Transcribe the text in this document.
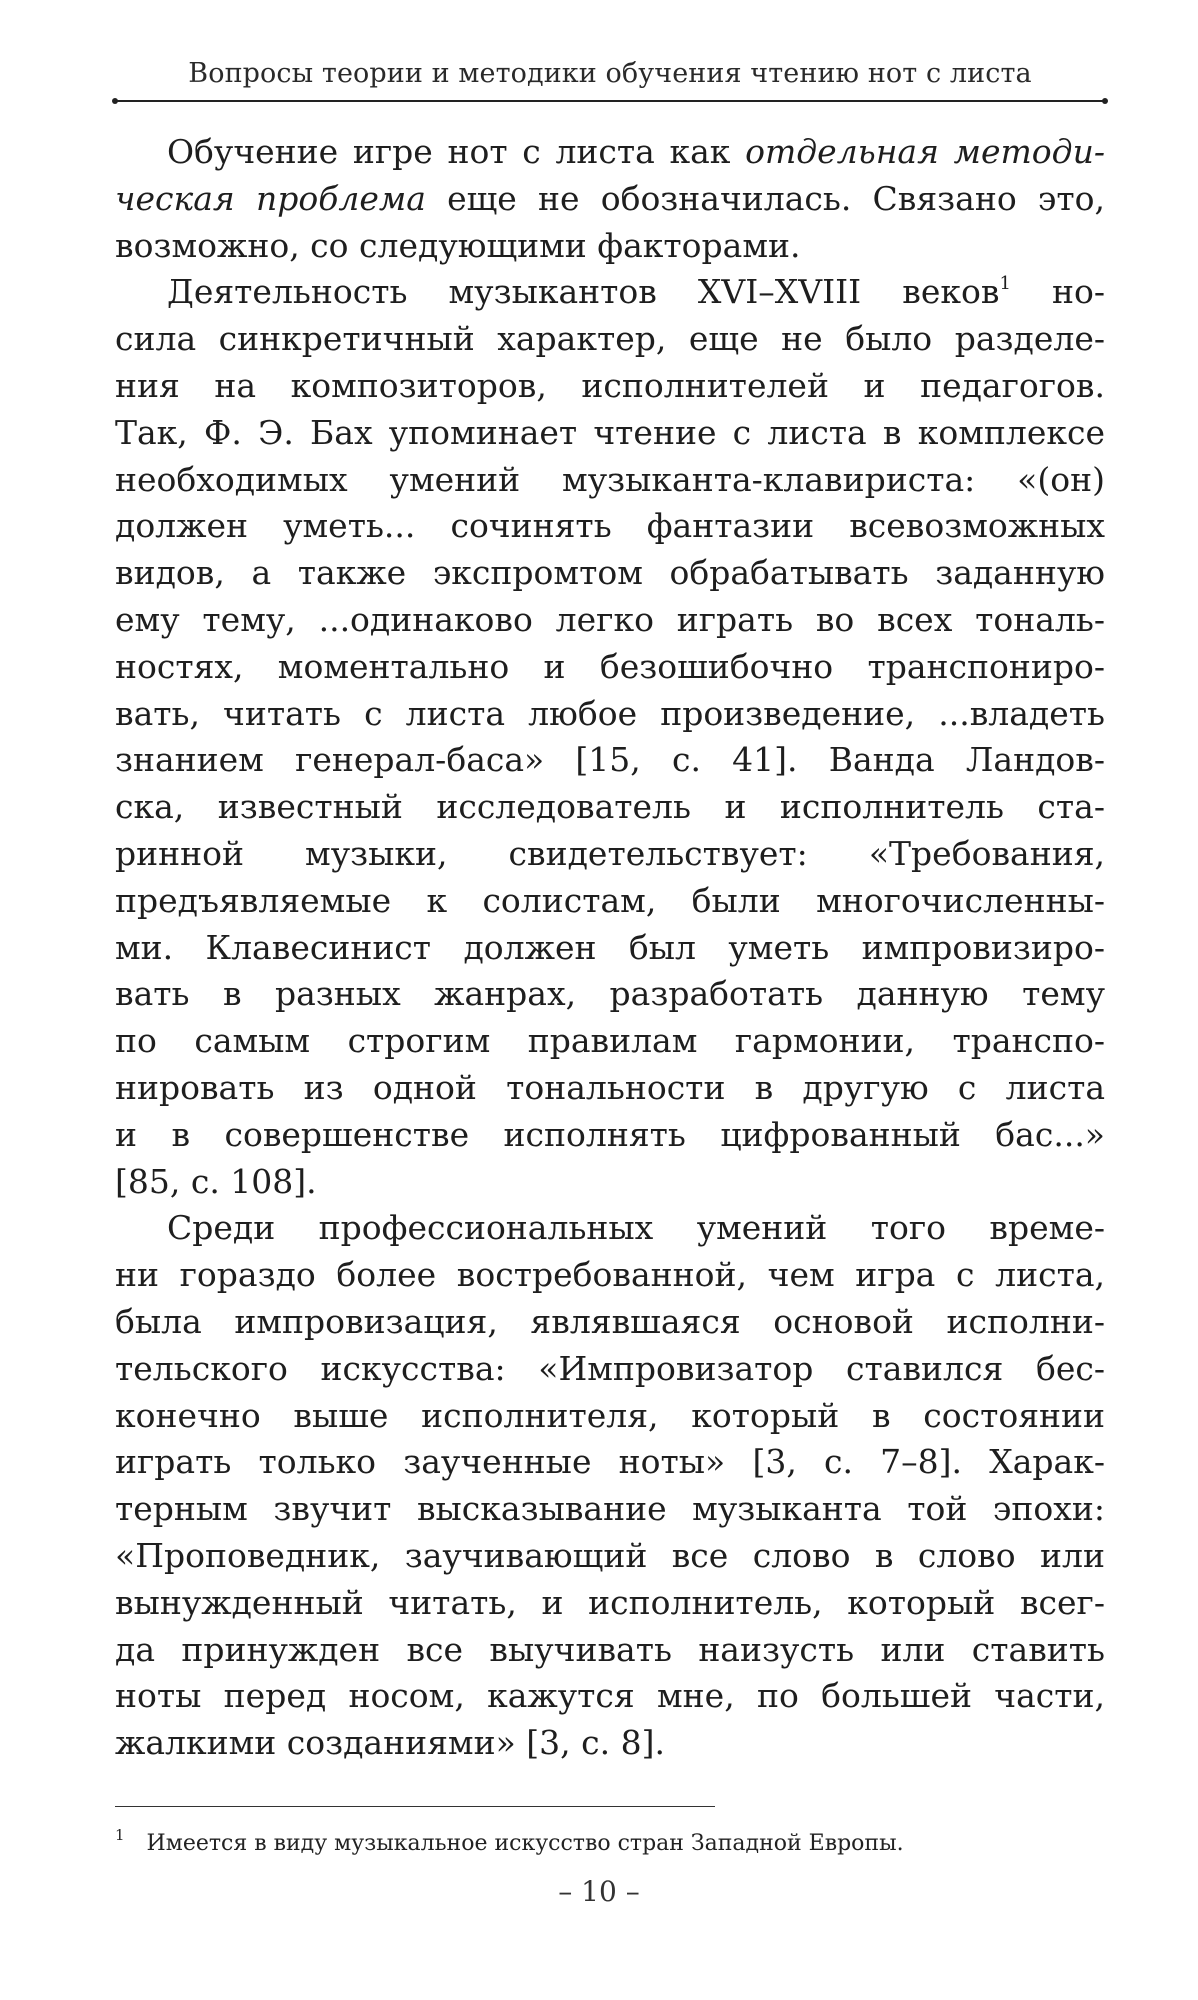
Вопросы теории и методики обучения чтению нот с листа
Обучение игре нот с листа как отдельная методи-
ческая проблема еще не обозначилась. Связано это,
возможно, со следующими факторами.
Деятельность музыкантов XVI–XVIII веков$^1$ но-
сила синкретичный характер, еще не было разделе-
ния на композиторов, исполнителей и педагогов.
Так, Ф. Э. Бах упоминает чтение с листа в комплексе
необходимых умений музыканта-клавириста: «(он)
должен уметь... сочинять фантазии всевозможных
видов, а также экспромтом обрабатывать заданную
ему тему, ...одинаково легко играть во всех тональ-
ностях, моментально и безошибочно транспониро-
вать, читать с листа любое произведение, ...владеть
знанием генерал-баса» [15, с. 41]. Ванда Ландов-
ска, известный исследователь и исполнитель ста-
ринной музыки, свидетельствует: «Требования,
предъявляемые к солистам, были многочисленны-
ми. Клавесинист должен был уметь импровизиро-
вать в разных жанрах, разработать данную тему
по самым строгим правилам гармонии, транспо-
нировать из одной тональности в другую с листа
и в совершенстве исполнять цифрованный бас...»
[85, с. 108].
Среди профессиональных умений того време-
ни гораздо более востребованной, чем игра с листа,
была импровизация, являвшаяся основой исполни-
тельского искусства: «Импровизатор ставился бес-
конечно выше исполнителя, который в состоянии
играть только заученные ноты» [3, с. 7–8]. Харак-
терным звучит высказывание музыканта той эпохи:
«Проповедник, заучивающий все слово в слово или
вынужденный читать, и исполнитель, который всег-
да принужден все выучивать наизусть или ставить
ноты перед носом, кажутся мне, по большей части,
жалкими созданиями» [3, с. 8].
$^1$ Имеется в виду музыкальное искусство стран Западной Европы.
– 10 –
